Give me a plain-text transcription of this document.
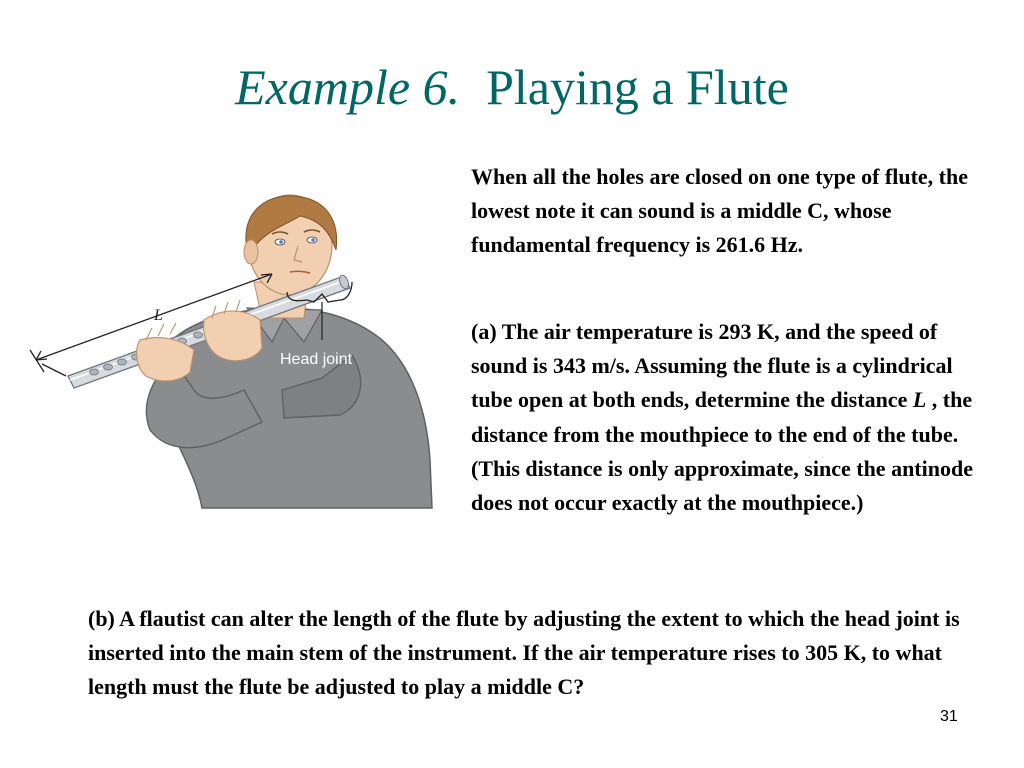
Example 6. Playing a Flute
L
Head joint
When all the holes are closed on one type of flute, the lowest note it can sound is a middle C, whose fundamental frequency is 261.6 Hz.
(a) The air temperature is 293 K, and the speed of sound is 343 m/s. Assuming the flute is a cylindrical tube open at both ends, determine the distance L , the distance from the mouthpiece to the end of the tube. (This distance is only approximate, since the antinode does not occur exactly at the mouthpiece.)
(b) A flautist can alter the length of the flute by adjusting the extent to which the head joint is inserted into the main stem of the instrument. If the air temperature rises to 305 K, to what length must the flute be adjusted to play a middle C?
31
